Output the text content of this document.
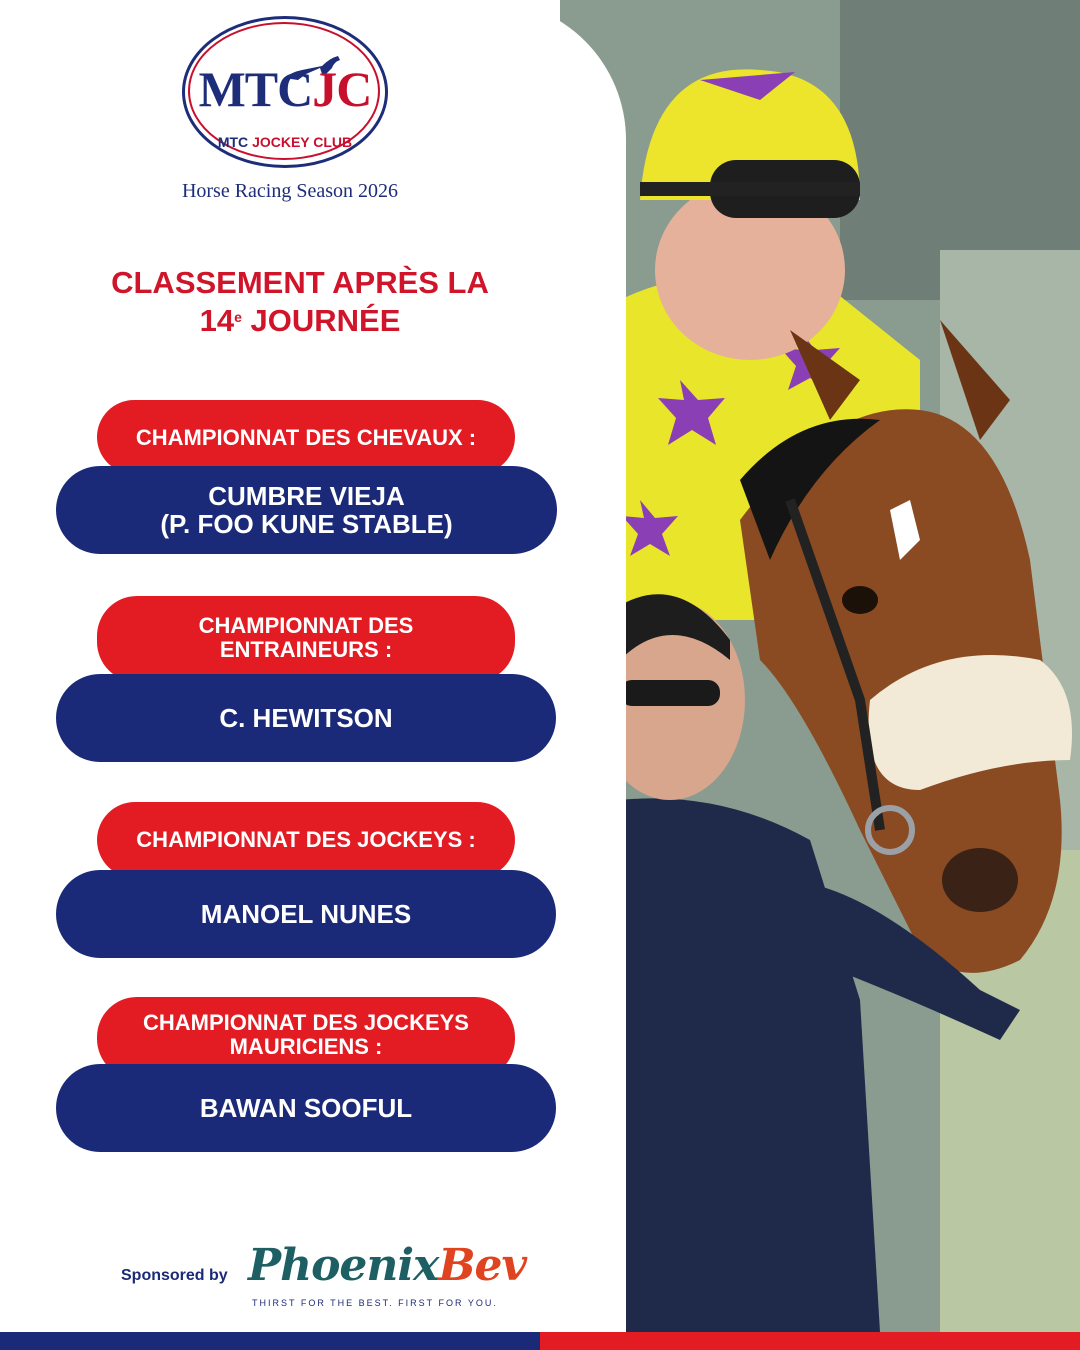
MTCJC
MTC JOCKEY CLUB
Horse Racing Season 2026
CLASSEMENT APRÈS LA
14e JOURNÉE
CHAMPIONNAT DES CHEVAUX :
CUMBRE VIEJA
(P. FOO KUNE STABLE)
CHAMPIONNAT DES
ENTRAINEURS :
C. HEWITSON
CHAMPIONNAT DES JOCKEYS :
MANOEL NUNES
CHAMPIONNAT DES JOCKEYS
MAURICIENS :
BAWAN SOOFUL
Sponsored by PhoenixBev
THIRST FOR THE BEST. FIRST FOR YOU.
